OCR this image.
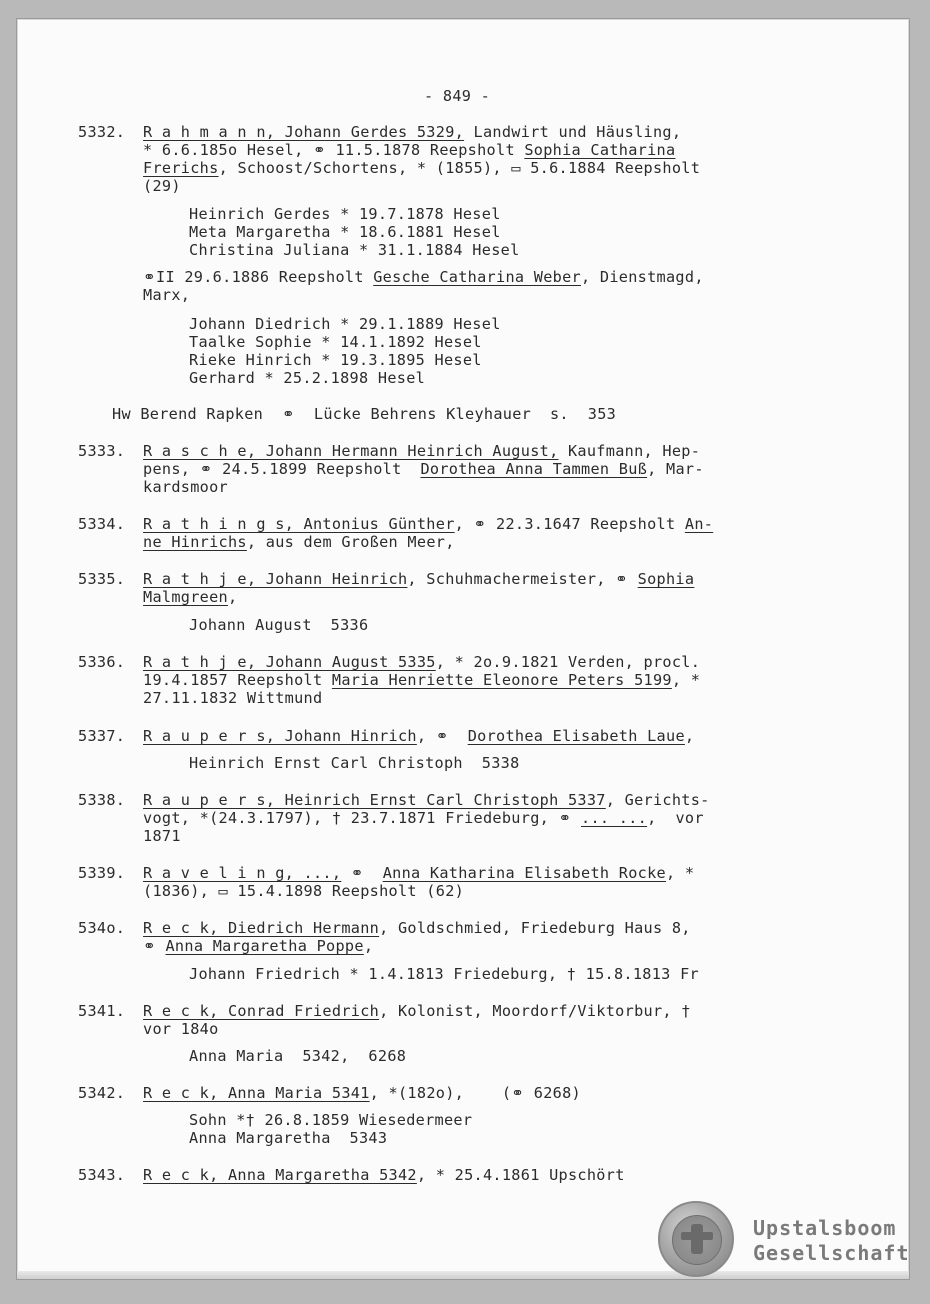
- 849 -
5332. R a h m a n n, Johann Gerdes 5329, Landwirt und Häusling,
* 6.6.185o Hesel, ⚭ 11.5.1878 Reepsholt Sophia Catharina
Frerichs, Schoost/Schortens, * (1855), ▭ 5.6.1884 Reepsholt
(29)
Heinrich Gerdes * 19.7.1878 Hesel
Meta Margaretha * 18.6.1881 Hesel
Christina Juliana * 31.1.1884 Hesel
⚭II 29.6.1886 Reepsholt Gesche Catharina Weber, Dienstmagd,
Marx,
Johann Diedrich * 29.1.1889 Hesel
Taalke Sophie * 14.1.1892 Hesel
Rieke Hinrich * 19.3.1895 Hesel
Gerhard * 25.2.1898 Hesel
Hw Berend Rapken  ⚭  Lücke Behrens Kleyhauer  s.  353
5333. R a s c h e, Johann Hermann Heinrich August, Kaufmann, Hep-
pens, ⚭ 24.5.1899 Reepsholt  Dorothea Anna Tammen Buß, Mar-
kardsmoor
5334. R a t h i n g s, Antonius Günther, ⚭ 22.3.1647 Reepsholt An-
ne Hinrichs, aus dem Großen Meer,
5335. R a t h j e, Johann Heinrich, Schuhmachermeister, ⚭ Sophia
Malmgreen,
Johann August  5336
5336. R a t h j e, Johann August 5335, * 2o.9.1821 Verden, procl.
19.4.1857 Reepsholt Maria Henriette Eleonore Peters 5199, *
27.11.1832 Wittmund
5337. R a u p e r s, Johann Hinrich, ⚭  Dorothea Elisabeth Laue,
Heinrich Ernst Carl Christoph  5338
5338. R a u p e r s, Heinrich Ernst Carl Christoph 5337, Gerichts-
vogt, *(24.3.1797), † 23.7.1871 Friedeburg, ⚭ ... ...,  vor
1871
5339. R a v e l i n g, ..., ⚭  Anna Katharina Elisabeth Rocke, *
(1836), ▭ 15.4.1898 Reepsholt (62)
534o. R e c k, Diedrich Hermann, Goldschmied, Friedeburg Haus 8,
⚭ Anna Margaretha Poppe,
Johann Friedrich * 1.4.1813 Friedeburg, † 15.8.1813 Fr
5341. R e c k, Conrad Friedrich, Kolonist, Moordorf/Viktorbur, †
vor 184o
Anna Maria  5342,  6268
5342. R e c k, Anna Maria 5341, *(182o),    (⚭ 6268)
Sohn *† 26.8.1859 Wiesedermeer
Anna Margaretha  5343
5343. R e c k, Anna Margaretha 5342, * 25.4.1861 Upschört
Upstalsboom
Gesellschaft
